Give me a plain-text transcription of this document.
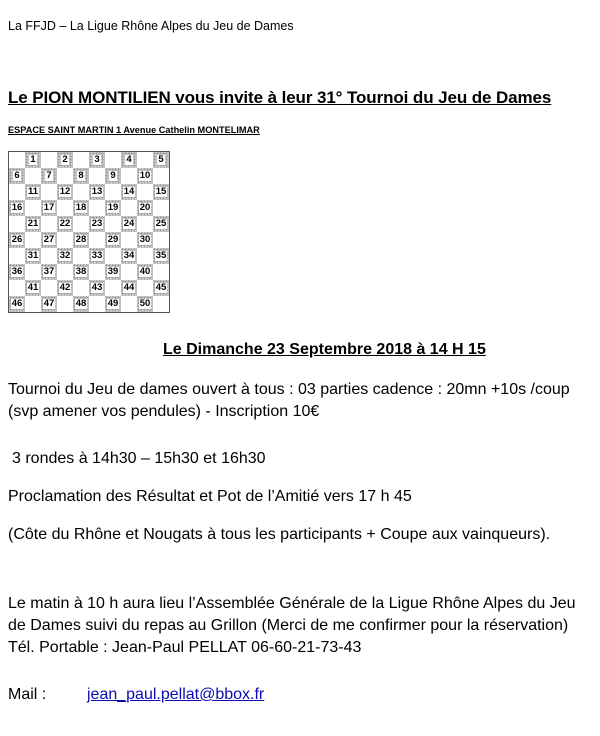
La FFJD – La Ligue Rhône Alpes du Jeu de Dames
Le PION MONTILIEN vous invite à leur 31° Tournoi du Jeu de Dames
ESPACE SAINT MARTIN 1 Avenue Cathelin MONTELIMAR
1	2	3	4	5
6	7	8	9	10
11 12 13 14 15
16 17 18 19 20
21 22 23 24 25
26 27 28 29 30
31 32 33 34 35
36 37 38 39 40
41 42 43 44 45
46 47 48 49 50
Le Dimanche 23 Septembre 2018 à 14 H 15
Tournoi du Jeu de dames ouvert à tous : 03 parties cadence : 20mn +10s /coup (svp amener vos pendules) - Inscription 10€
3 rondes à 14h30 – 15h30 et 16h30
Proclamation des Résultat et Pot de l’Amitié vers 17 h 45
(Côte du Rhône et Nougats à tous les participants + Coupe aux vainqueurs).
Le matin à 10 h aura lieu l’Assemblée Générale de la Ligue Rhône Alpes du Jeu de Dames suivi du repas au Grillon (Merci de me confirmer pour la réservation) Tél. Portable : Jean-Paul PELLAT 06-60-21-73-43
Mail :	jean_paul.pellat@bbox.fr
